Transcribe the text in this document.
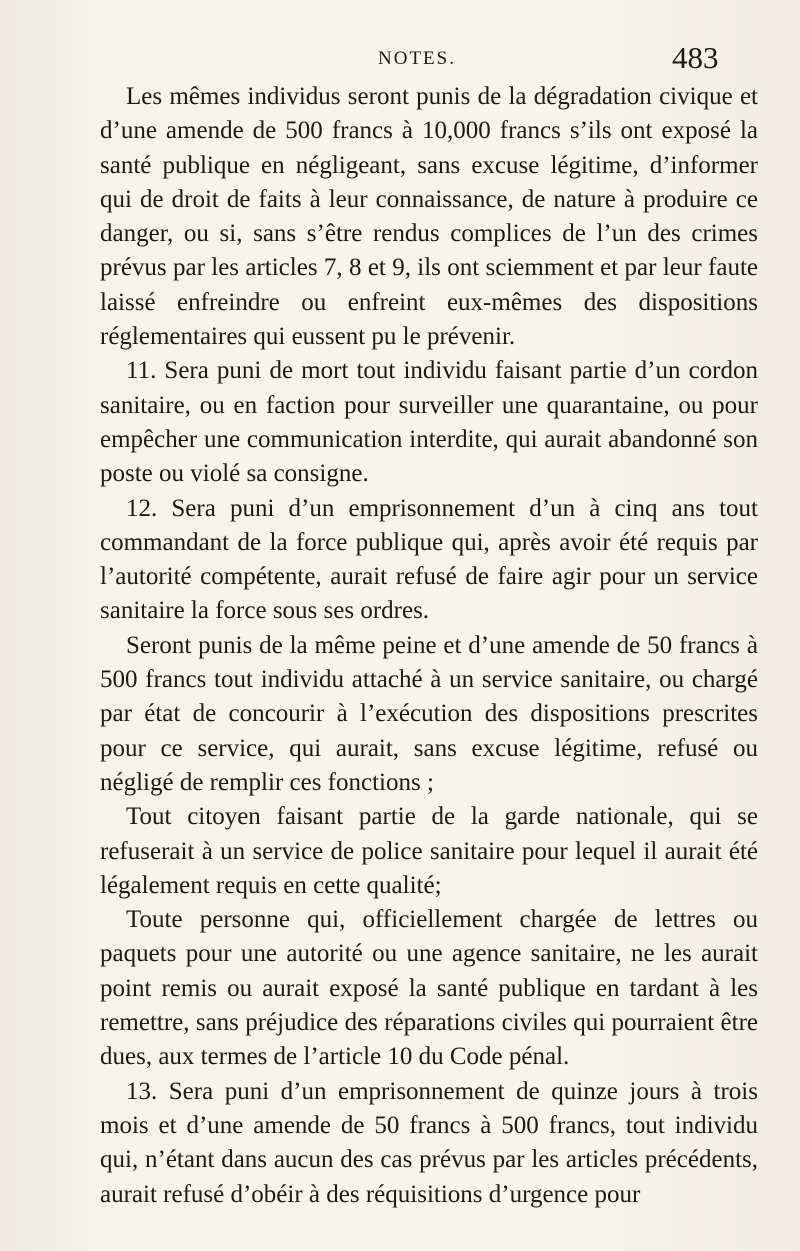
NOTES.	483

Les mêmes individus seront punis de la dégradation civique et d’une amende de 500 francs à 10,000 francs s’ils ont exposé la santé publique en négligeant, sans excuse légitime, d’informer qui de droit de faits à leur connaissance, de nature à produire ce danger, ou si, sans s’être rendus complices de l’un des crimes prévus par les articles 7, 8 et 9, ils ont sciemment et par leur faute laissé enfreindre ou enfreint eux-mêmes des dispositions réglementaires qui eussent pu le prévenir.

11. Sera puni de mort tout individu faisant partie d’un cordon sanitaire, ou en faction pour surveiller une quarantaine, ou pour empêcher une communication interdite, qui aurait abandonné son poste ou violé sa consigne.

12. Sera puni d’un emprisonnement d’un à cinq ans tout commandant de la force publique qui, après avoir été requis par l’autorité compétente, aurait refusé de faire agir pour un service sanitaire la force sous ses ordres.

Seront punis de la même peine et d’une amende de 50 francs à 500 francs tout individu attaché à un service sanitaire, ou chargé par état de concourir à l’exécution des dispositions prescrites pour ce service, qui aurait, sans excuse légitime, refusé ou négligé de remplir ces fonctions ;

Tout citoyen faisant partie de la garde nationale, qui se refuserait à un service de police sanitaire pour lequel il aurait été légalement requis en cette qualité;

Toute personne qui, officiellement chargée de lettres ou paquets pour une autorité ou une agence sanitaire, ne les aurait point remis ou aurait exposé la santé publique en tardant à les remettre, sans préjudice des réparations civiles qui pourraient être dues, aux termes de l’article 10 du Code pénal.

13. Sera puni d’un emprisonnement de quinze jours à trois mois et d’une amende de 50 francs à 500 francs, tout individu qui, n’étant dans aucun des cas prévus par les articles précédents, aurait refusé d’obéir à des réquisitions d’urgence pour
